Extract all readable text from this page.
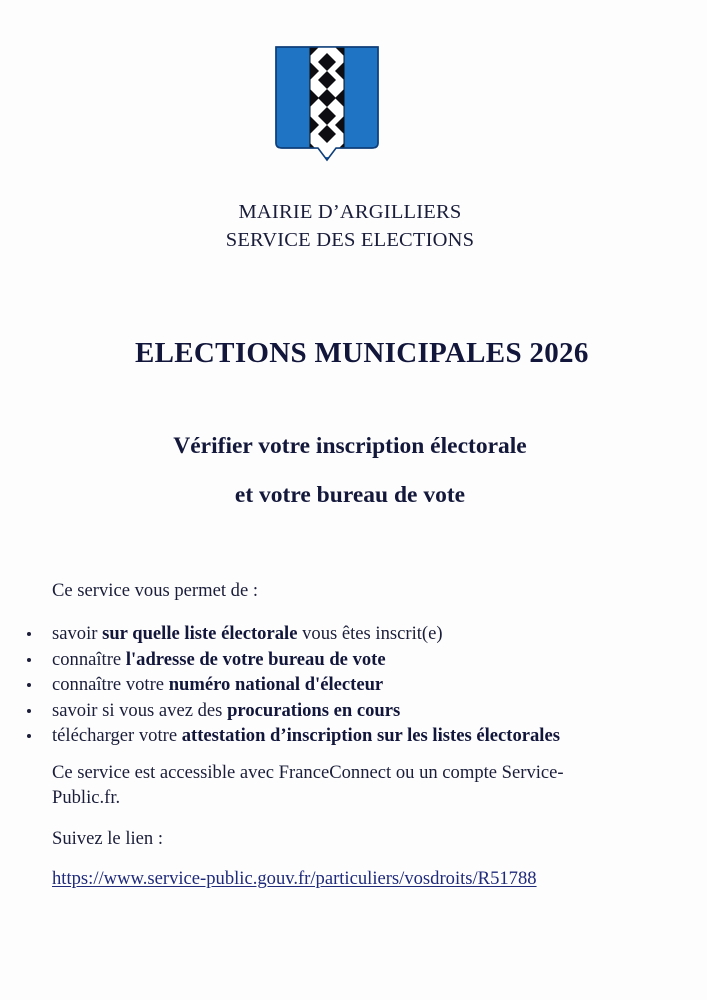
MAIRIE D’ARGILLIERS
SERVICE DES ELECTIONS
ELECTIONS MUNICIPALES 2026
Vérifier votre inscription électorale
et votre bureau de vote
Ce service vous permet de :
savoir sur quelle liste électorale vous êtes inscrit(e)
connaître l'adresse de votre bureau de vote
connaître votre numéro national d'électeur
savoir si vous avez des procurations en cours
télécharger votre attestation d’inscription sur les listes électorales
Ce service est accessible avec FranceConnect ou un compte Service-
Public.fr.
Suivez le lien :
https://www.service-public.gouv.fr/particuliers/vosdroits/R51788
